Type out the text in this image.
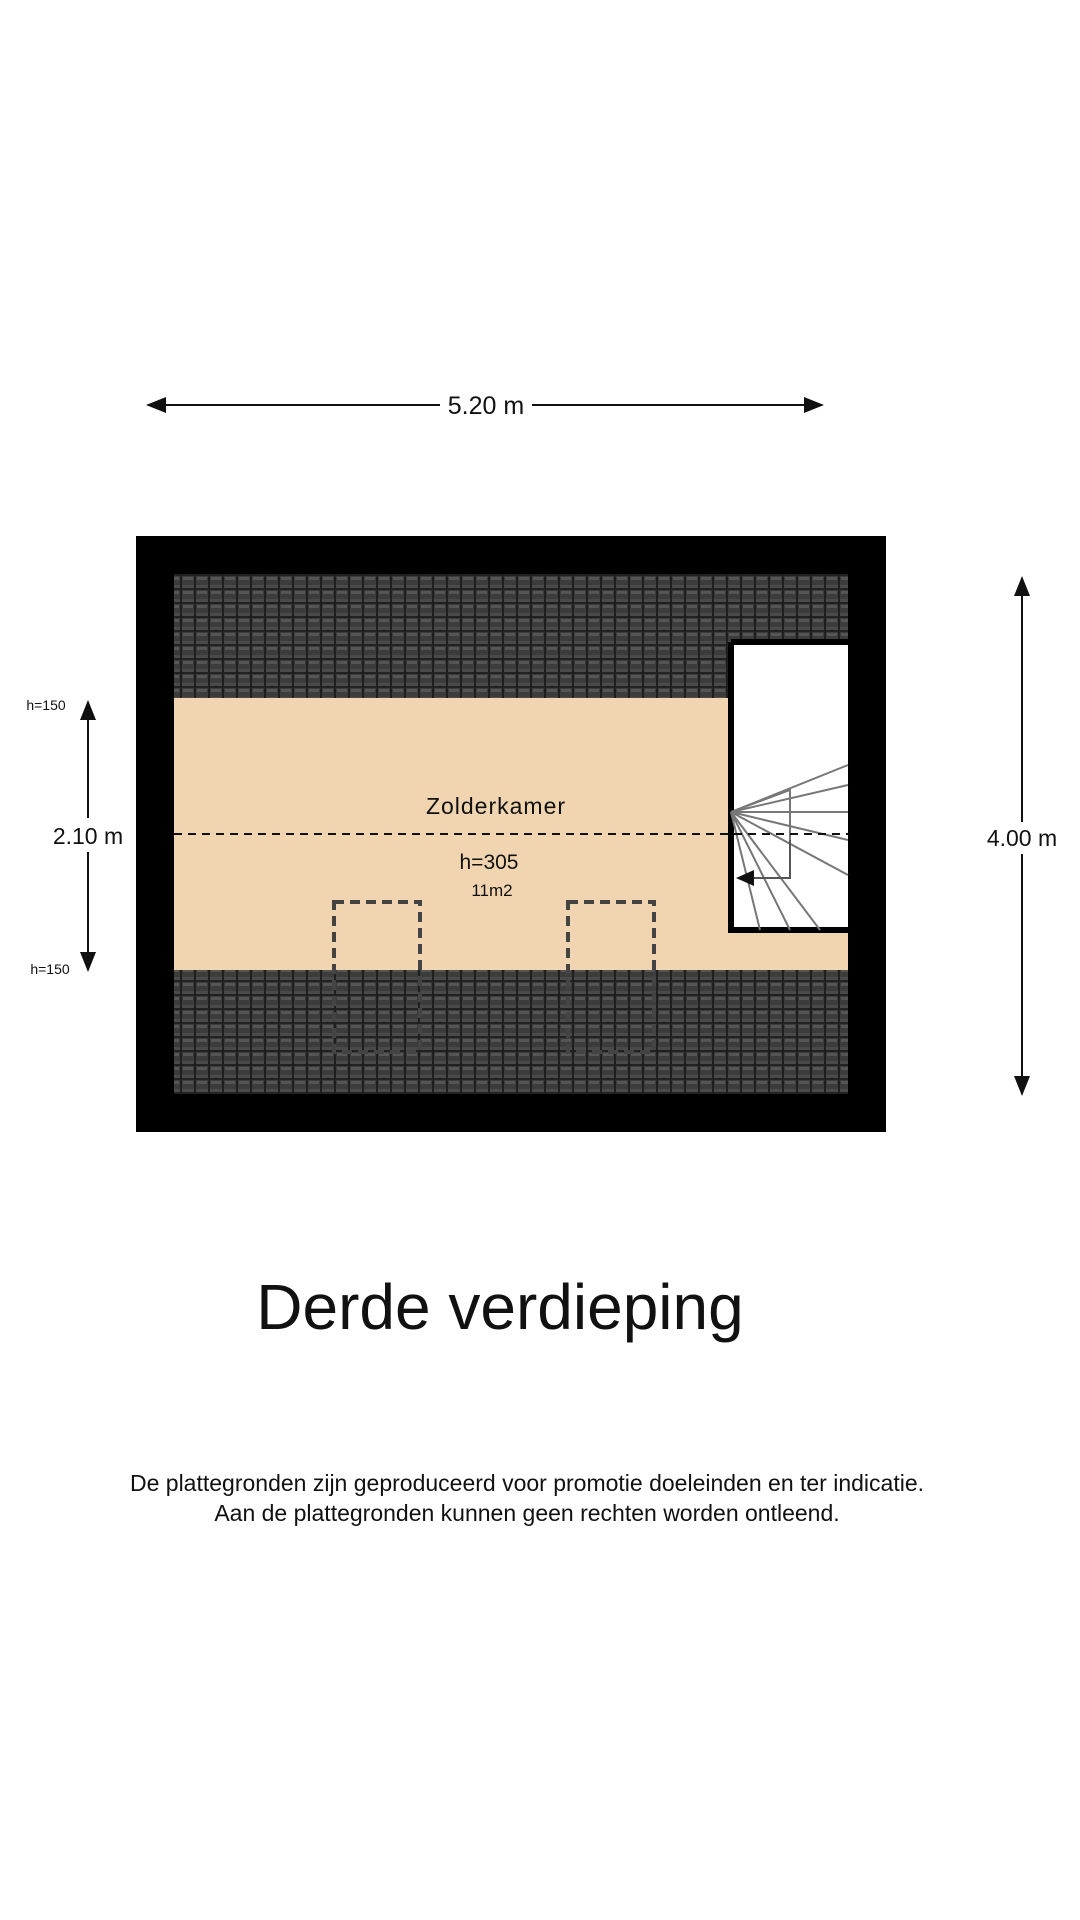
5.20 m
Zolderkamer
h=305
11m2
2.10 m
h=150
h=150
4.00 m
Derde verdieping
De plattegronden zijn geproduceerd voor promotie doeleinden en ter indicatie.
Aan de plattegronden kunnen geen rechten worden ontleend.
